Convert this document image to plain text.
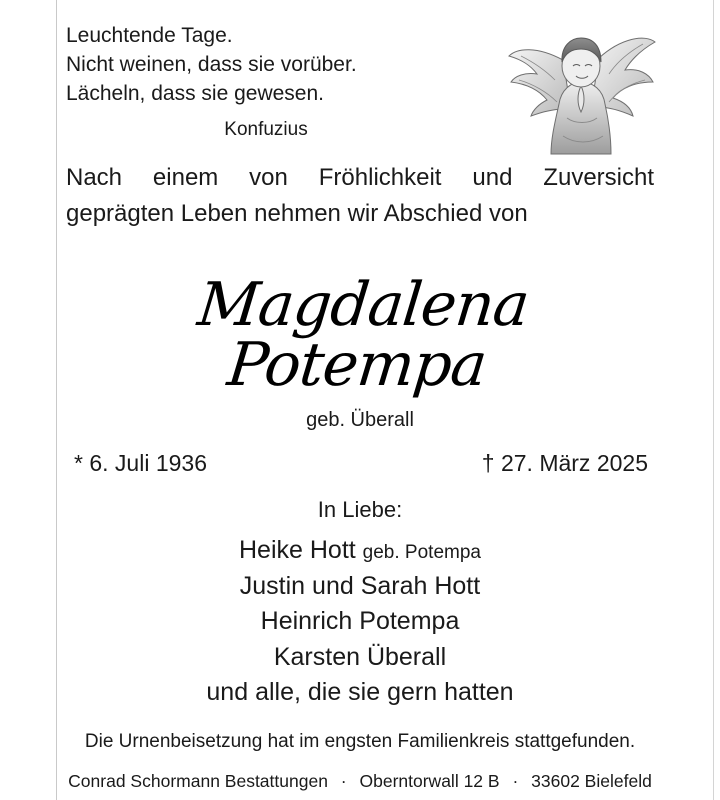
Leuchtende Tage.
Nicht weinen, dass sie vorüber.
Lächeln, dass sie gewesen.
Konfuzius
Nach einem von Fröhlichkeit und Zuversicht
geprägten Leben nehmen wir Abschied von
Magdalena Potempa
geb. Überall
* 6. Juli 1936	† 27. März 2025
In Liebe:
Heike Hott geb. Potempa
Justin und Sarah Hott
Heinrich Potempa
Karsten Überall
und alle, die sie gern hatten
Die Urnenbeisetzung hat im engsten Familienkreis stattgefunden.
Conrad Schormann Bestattungen · Oberntorwall 12 B · 33602 Bielefeld
